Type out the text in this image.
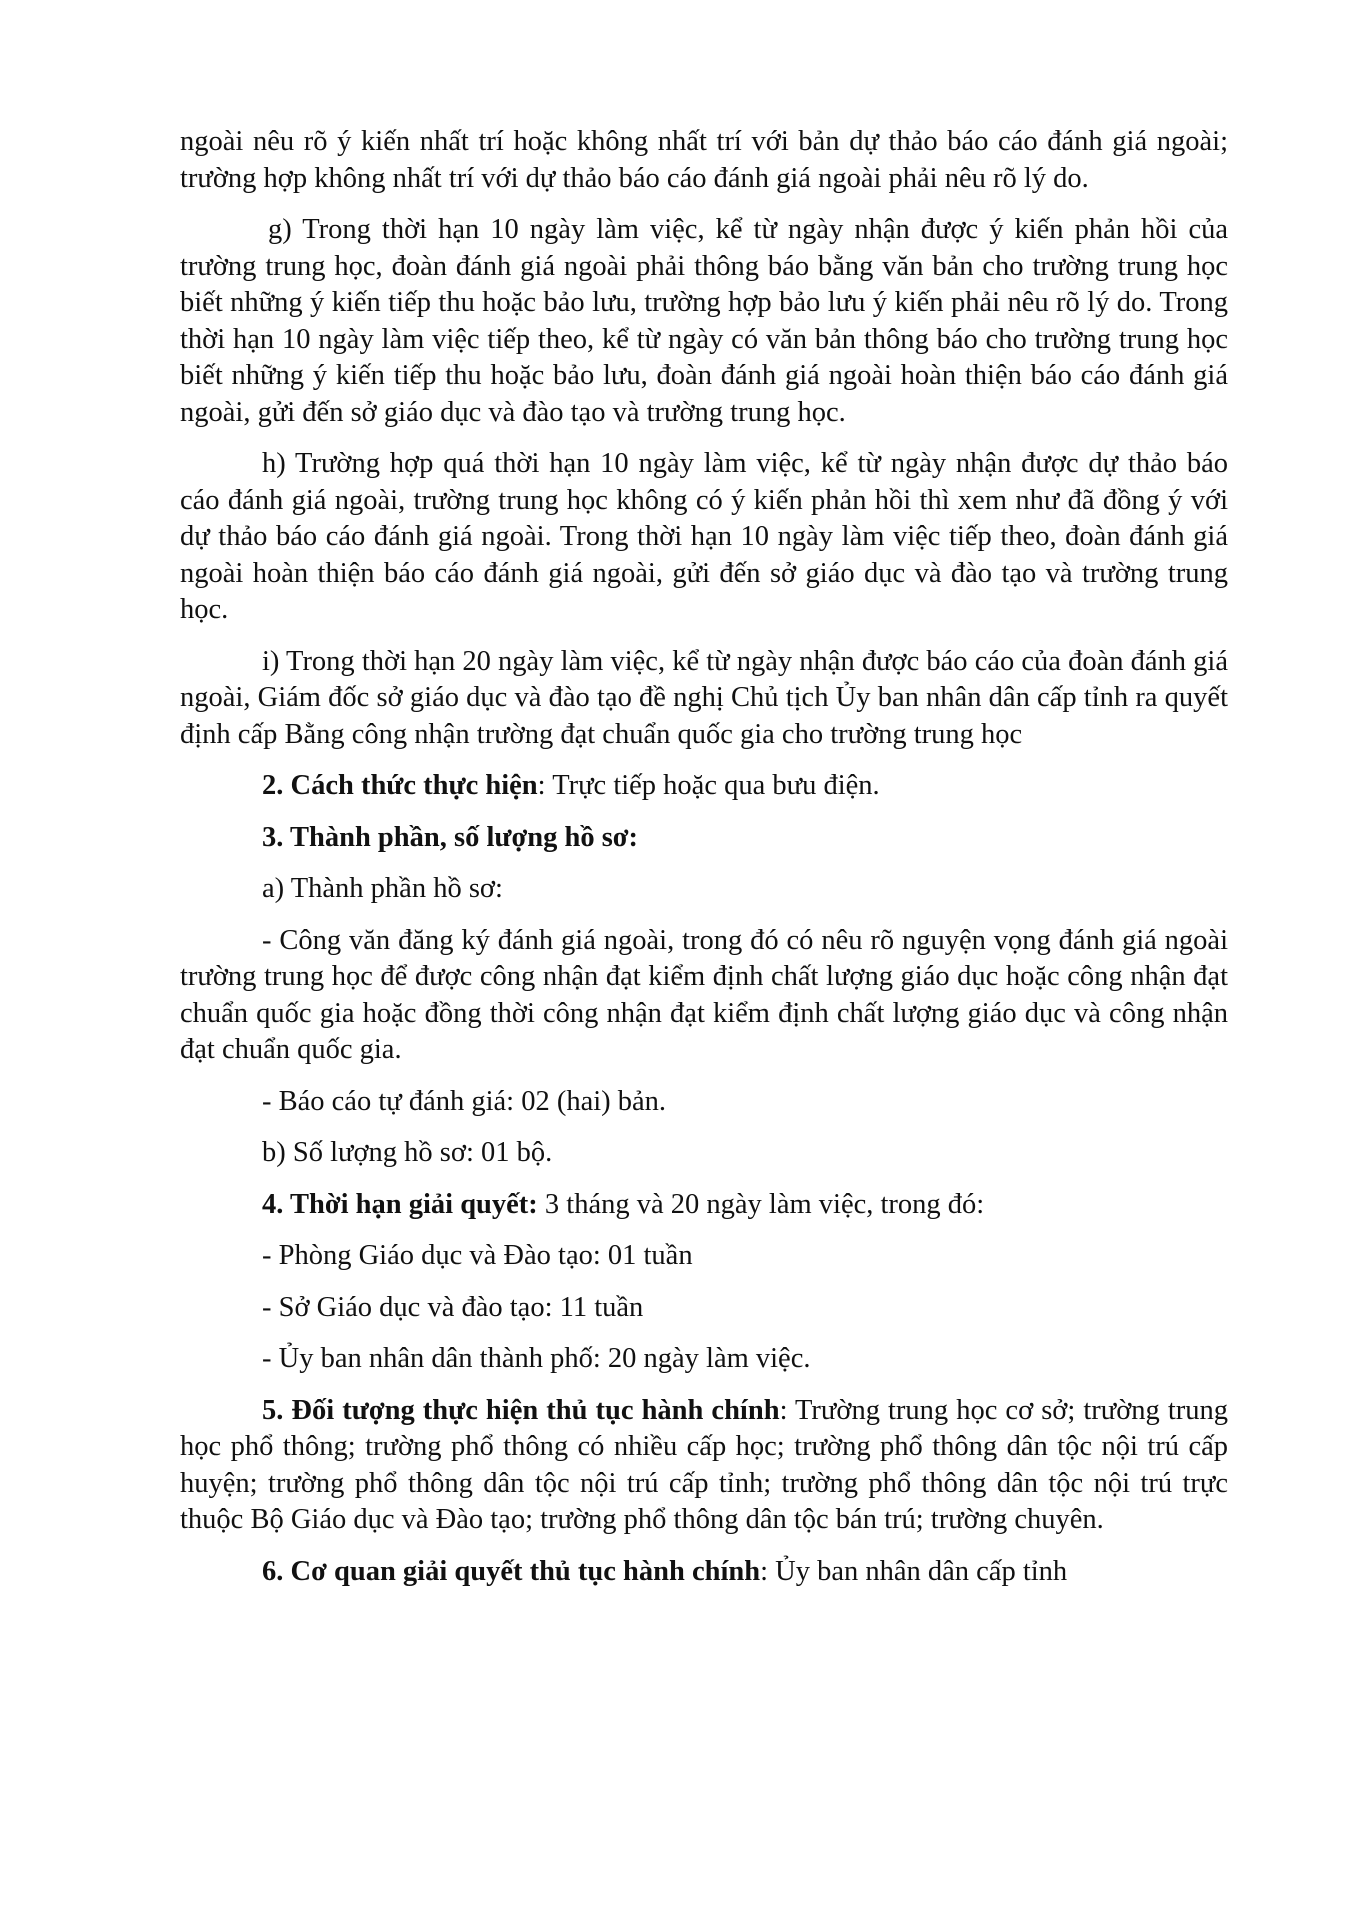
ngoài nêu rõ ý kiến nhất trí hoặc không nhất trí với bản dự thảo báo cáo đánh giá ngoài; trường hợp không nhất trí với dự thảo báo cáo đánh giá ngoài phải nêu rõ lý do.

g) Trong thời hạn 10 ngày làm việc, kể từ ngày nhận được ý kiến phản hồi của trường trung học, đoàn đánh giá ngoài phải thông báo bằng văn bản cho trường trung học biết những ý kiến tiếp thu hoặc bảo lưu, trường hợp bảo lưu ý kiến phải nêu rõ lý do. Trong thời hạn 10 ngày làm việc tiếp theo, kể từ ngày có văn bản thông báo cho trường trung học biết những ý kiến tiếp thu hoặc bảo lưu, đoàn đánh giá ngoài hoàn thiện báo cáo đánh giá ngoài, gửi đến sở giáo dục và đào tạo và trường trung học.

h) Trường hợp quá thời hạn 10 ngày làm việc, kể từ ngày nhận được dự thảo báo cáo đánh giá ngoài, trường trung học không có ý kiến phản hồi thì xem như đã đồng ý với dự thảo báo cáo đánh giá ngoài. Trong thời hạn 10 ngày làm việc tiếp theo, đoàn đánh giá ngoài hoàn thiện báo cáo đánh giá ngoài, gửi đến sở giáo dục và đào tạo và trường trung học.

i) Trong thời hạn 20 ngày làm việc, kể từ ngày nhận được báo cáo của đoàn đánh giá ngoài, Giám đốc sở giáo dục và đào tạo đề nghị Chủ tịch Ủy ban nhân dân cấp tỉnh ra quyết định cấp Bằng công nhận trường đạt chuẩn quốc gia cho trường trung học

2. Cách thức thực hiện: Trực tiếp hoặc qua bưu điện.

3. Thành phần, số lượng hồ sơ:

a) Thành phần hồ sơ:

- Công văn đăng ký đánh giá ngoài, trong đó có nêu rõ nguyện vọng đánh giá ngoài trường trung học để được công nhận đạt kiểm định chất lượng giáo dục hoặc công nhận đạt chuẩn quốc gia hoặc đồng thời công nhận đạt kiểm định chất lượng giáo dục và công nhận đạt chuẩn quốc gia.

- Báo cáo tự đánh giá: 02 (hai) bản.

b) Số lượng hồ sơ: 01 bộ.

4. Thời hạn giải quyết: 3 tháng và 20 ngày làm việc, trong đó:

- Phòng Giáo dục và Đào tạo: 01 tuần

- Sở Giáo dục và đào tạo: 11 tuần

- Ủy ban nhân dân thành phố: 20 ngày làm việc.

5. Đối tượng thực hiện thủ tục hành chính: Trường trung học cơ sở; trường trung học phổ thông; trường phổ thông có nhiều cấp học; trường phổ thông dân tộc nội trú cấp huyện; trường phổ thông dân tộc nội trú cấp tỉnh; trường phổ thông dân tộc nội trú trực thuộc Bộ Giáo dục và Đào tạo; trường phổ thông dân tộc bán trú; trường chuyên.

6. Cơ quan giải quyết thủ tục hành chính: Ủy ban nhân dân cấp tỉnh
